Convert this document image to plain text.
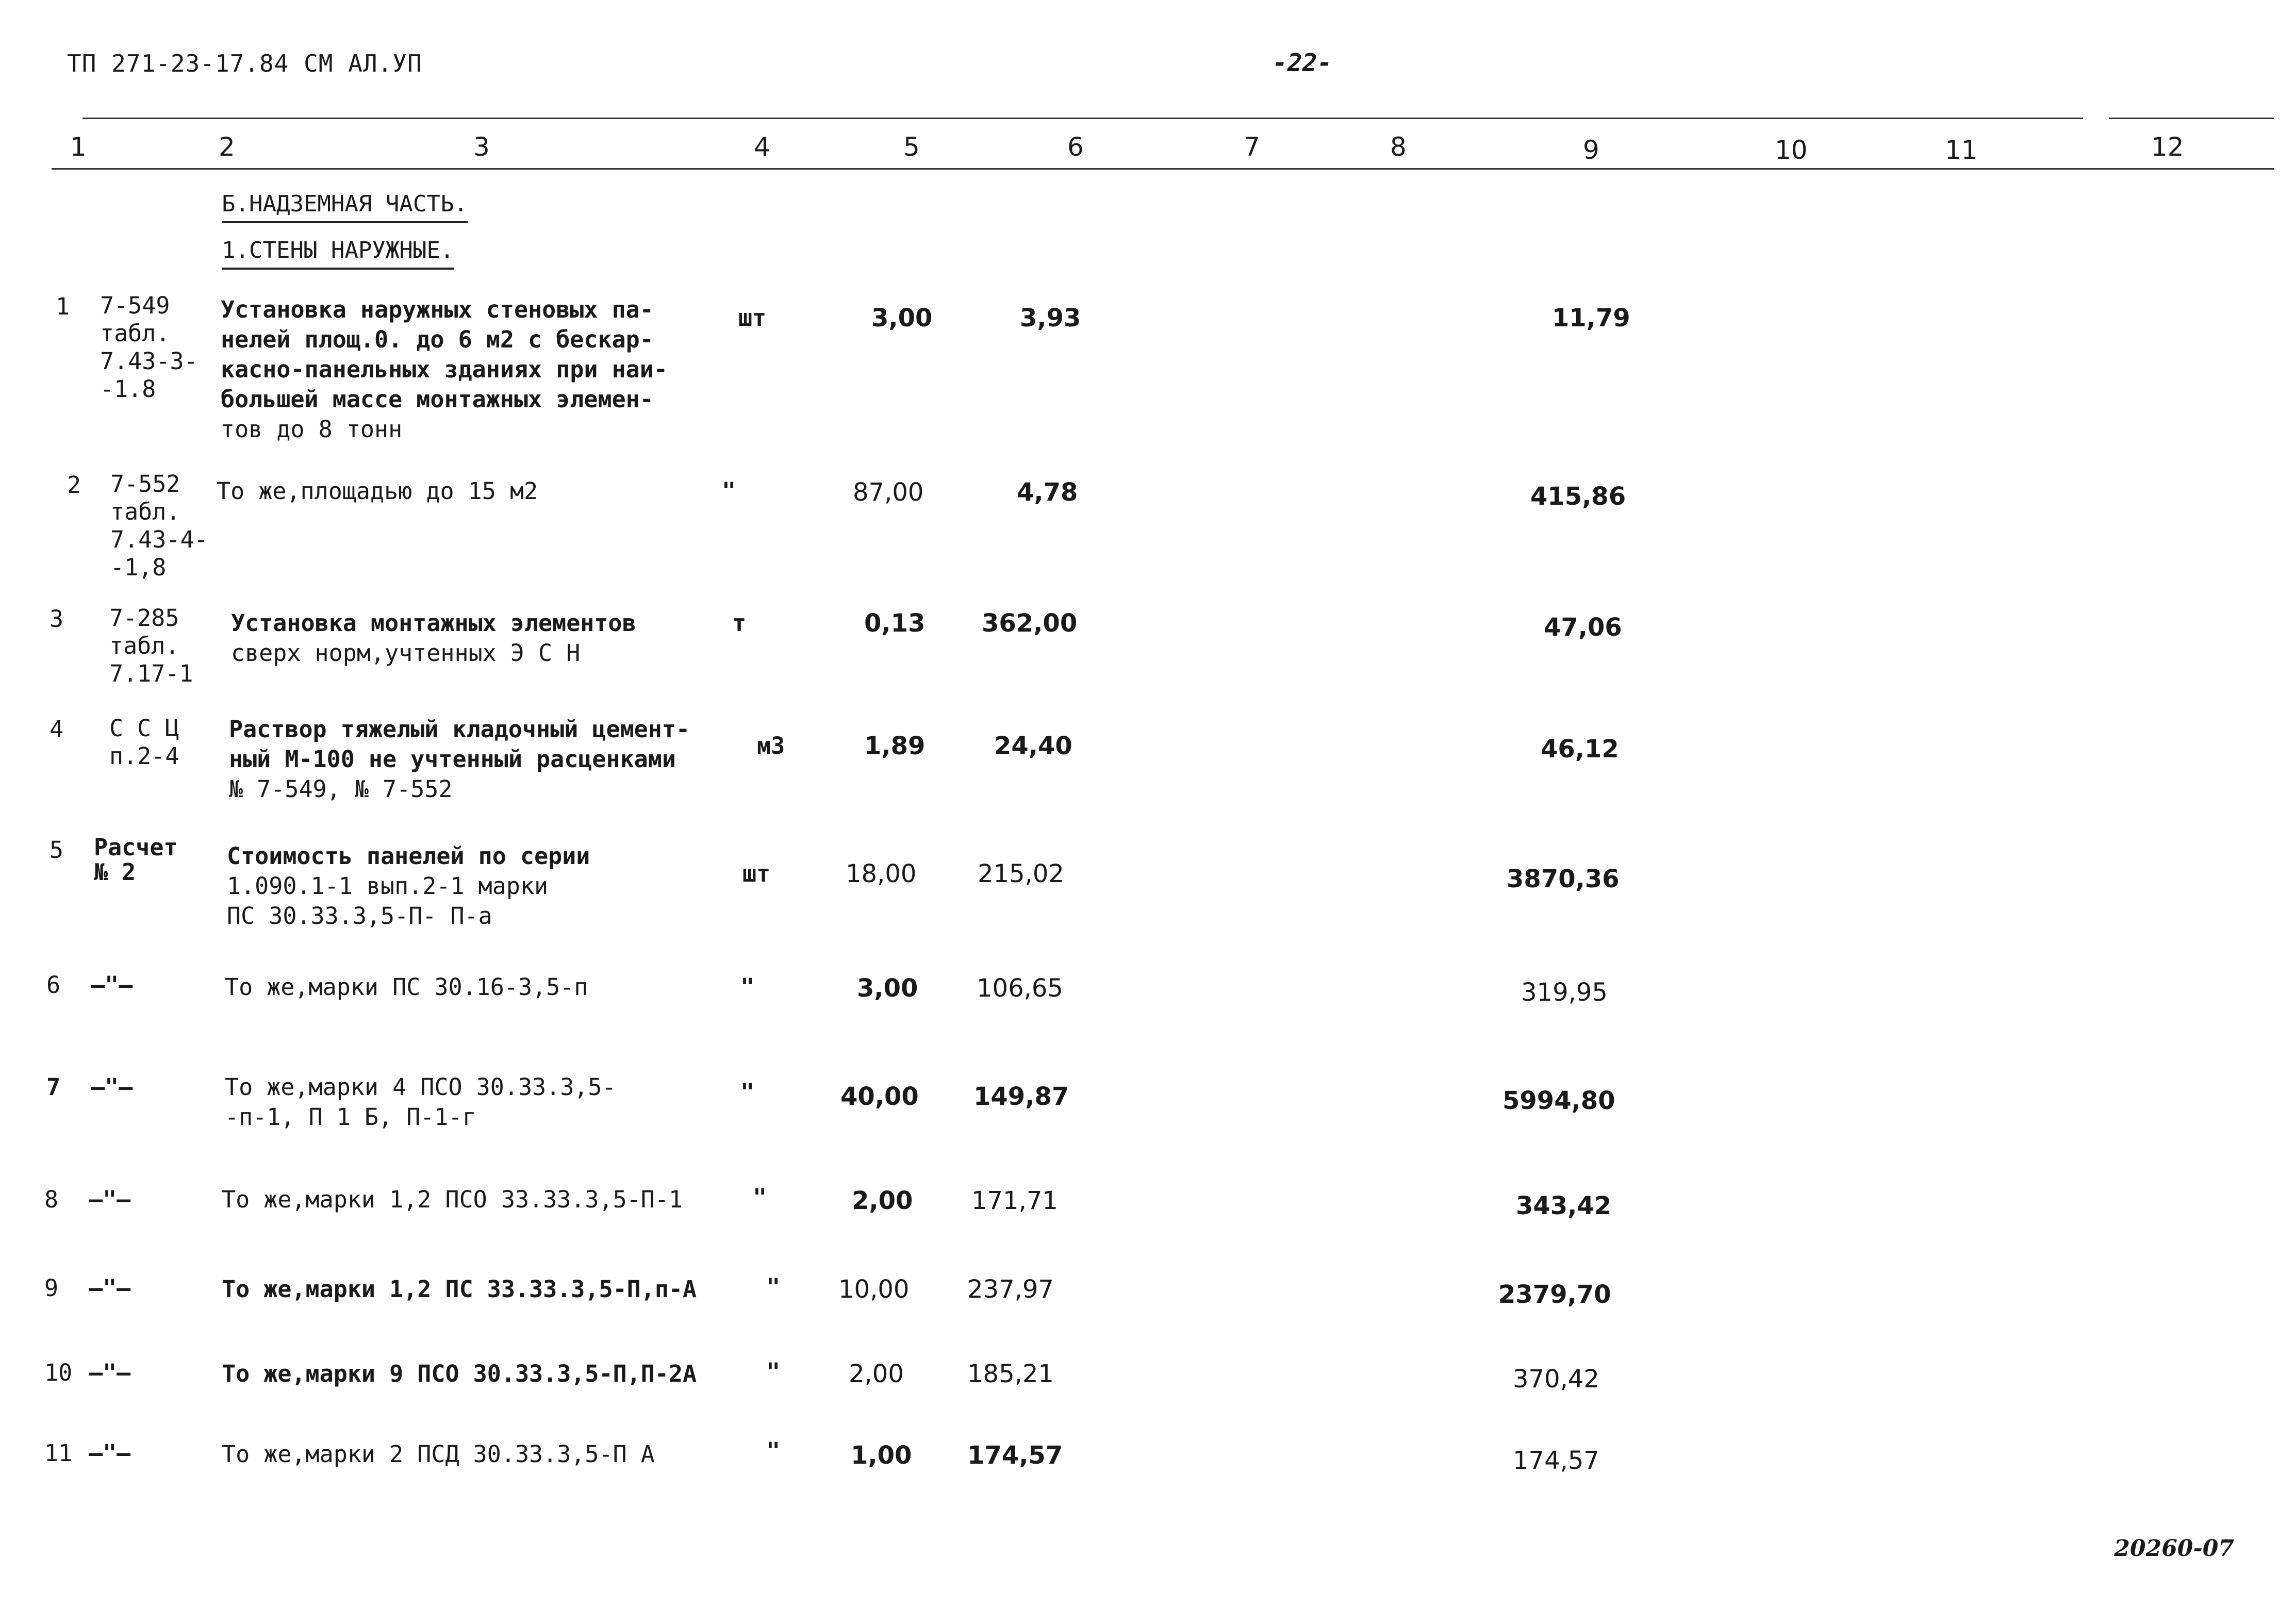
ТП 271-23-17.84 СМ АЛ.УП	-22-
1	2	3	4	5	6	7	8	9	10	11	12
Б.НАДЗЕМНАЯ ЧАСТЬ.
1.СТЕНЫ НАРУЖНЫЕ.
1 7-549
табл.
7.43-3-
-1.8
Установка наружных стеновых па-
нелей площ.0. до 6 м2 с бескар-
касно-панельных зданиях при наи-
большей массе монтажных элемен-
тов до 8 тонн
шт	3,00	3,93	11,79
2 7-552
табл.
7.43-4-
-1,8
То же,площадью до 15 м2	"	87,00	4,78	415,86
3 7-285
табл.
7.17-1
Установка монтажных элементов
сверх норм,учтенных Э С Н
т	0,13 362,00	47,06
4 С С Ц
п.2-4
Раствор тяжелый кладочный цемент-
ный М-100 не учтенный расценками
№ 7-549, № 7-552
м3	1,89	24,40	46,12
5 Расчет
№ 2
Стоимость панелей по серии
1.090.1-1 вып.2-1 марки
ПС 30.33.3,5-П- П-а
шт	18,00 215,02	3870,36
6 —"—	То же,марки ПС 30.16-3,5-п	"	3,00 106,65	319,95
7 —"—	То же,марки 4 ПСО 30.33.3,5-
-п-1, П 1 Б, П-1-г
"	40,00 149,87	5994,80
8 —"—	То же,марки 1,2 ПСО 33.33.3,5-П-1	"	2,00 171,71	343,42
9 —"—	То же,марки 1,2 ПС 33.33.3,5-П,п-А	" 10,00 237,97	2379,70
10 —"—	То же,марки 9 ПСО 30.33.3,5-П,П-2А	"	2,00	185,21	370,42
11 —"—	То же,марки 2 ПСД 30.33.3,5-П А	"	1,00 174,57	174,57
20260-07
